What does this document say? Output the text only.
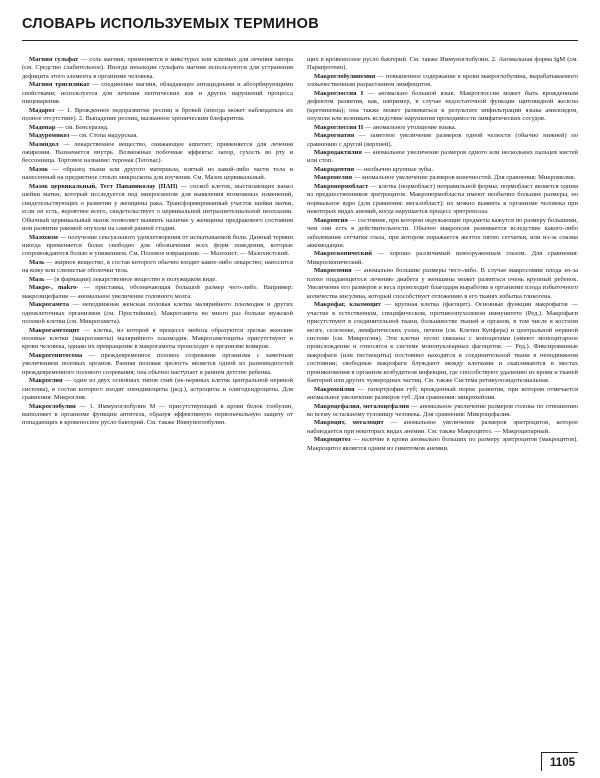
СЛОВАРЬ ИСПОЛЬЗУЕМЫХ ТЕРМИНОВ

Магния сульфат — соль магния; применяется в микстурах или клизмах для лечения запора (см. Средство слабительное). Иногда инъекции сульфата магния используются для устранения дефицита этого элемента в организме человека.

Магния трисиликат — соединение магния, обладающее антацидными и абсорбирующими свойствами; используется для лечения пептических язв и других нарушений процесса пищеварения.

Мадароз — 1. Врожденное недоразвитие ресниц и бровей (иногда может наблюдаться их полное отсутствие). 2. Выпадение ресниц, вызванное хроническим блефаритом.

Мадопар — см. Бенсеразид.

Мадуромикоз — см. Стопа мадурская.

Мазиндол — лекарственное вещество, снижающее аппетит; применяется для лечения ожирения. Назначается внутрь. Возможные побочные эффекты: запор, сухость во рту и бессонница. Торговое название: теронак (Teronac).

Мазок — образец ткани или другого материала, взятый из какой-либо части тела и нанесенный на предметное стекло микроскопа для изучения. См. Мазок цервикальный.

Мазок цервикальный, Тест Папаниколау (ПАП) — соскоб клеток, выстилающих канал шейки матки, который исследуется под микроскопом для выявления возможных изменений, свидетельствующих о развитии у женщины рака. Трансформированный участок шейки матки, если он есть, вероятнее всего, свидетельствует о цервикальной интраэпителиальной неоплазии. Обычный цервикальный мазок позволяет выявить наличие у женщины предракового состояния или развитие раковой опухоли на самой ранней стадии.

Мазохизм — получение сексуального удовлетворения от испытываемой боли. Данный термин иногда применяется более свободно для обозначения всех форм поведения, которые сопровождаются болью и унижением. См. Половое извращение. — Мазохист. — Мазохистский.

Мазь — жирное вещество, в состав которого обычно входит какое-либо лекарство; наносится на кожу или слизистые оболочки тела.

Мазь — (в фармации) лекарственное вещество в полужидком виде.

Макро-, makro- — приставка, обозначающая большой размер чего-либо. Например: макрозицефалия — аномальное увеличение головного мозга.

Макрогамета — неподвижная женская половая клетка малярийного плазмодия и других одноклеточных организмов (см. Простейшие). Макрогамета во много раз больше мужской половой клетки (см. Микрогамета).

Макрогаметоцит — клетка, из которой в процессе мейоза образуются зрелые женские половые клетки (макрогаметы) малярийного плазмодия. Макрогаметоциты присутствуют в крови человека, однако их превращение в макрогаметы происходит в организме комаров.

Макрогенитосома — преждевременное половое созревание организма с заметным увеличением половых органов. Ранняя половая зрелость является одной из разновидностей преждевременного полового созревания; она обычно наступает в раннем детстве ребенка.

Макроглия — один из двух основных типов глий (не-нервных клеток центральной нервной системы), в состав которого входят эпендимоциты (ред.), астроциты и олигодендроциты. Для сравнения: Микроглия.

Макроглобулин — 1. Иммуноглобулин М — присутствующий в крови белок глобулин, выполняет в организме функции антитела, образуя эффективную первоначальную защиту от попадающих в кровеносное русло бактерий. См. также Иммуноглобулин.

щих в кровеносное русло бактерий. См. также Иммуноглобулин. 2. Аномальная форма IgM (см. Парапротеин).

Макроглобулинемия — повышенное содержание в крови макроглобулина, вырабатываемого злокачественным разрастанием лимфоцитов.

Макроглоссия I — аномально большой язык. Макроглоссия может быть врожденным дефектом развития, как, например, в случае недостаточной функции щитовидной железы (кретинизма); она также может развиваться в результате инфильтрации языка амилоидом, опухоли или возникать вследствие нарушения проходимости лимфатических сосудов.

Макроглоссия II — аномальное утолщение языка.

Макрогнатия — заметное увеличение размеров одной челюсти (обычно нижней) по сравнению с другой (верхней).

Макродактилия — аномальное увеличение размеров одного или нескольких пальцев кистей или стоп.

Макродентия — необычно крупные зубы.

Макромелия — аномальное увеличение размеров конечностей. Для сравнения: Микромелия.

Макронормобласт — клетка (нормобласт) неправильной формы; нормобласт является одним из предшественников эритроцитов. Макронормобласты имеют необычно большие размеры, но нормальное ядро (для сравнения: мегалобласт); их можно выявить в организме человека при некоторых видах анемий, когда нарушается процесс эритропоэза.

Макропсия — состояние, при котором окружающие предметы кажутся по размеру большими, чем они есть в действительности. Обычно макропсия развивается вследствие какого-либо заболевания сетчатки глаза, при котором поражается желтое пятно сетчатки, или из-за спазма аккомодации.

Макроскопический — хорошо различимый невооруженным глазом. Для сравнения: Микроскопический.

Макросомия — аномально большие размеры чего-либо. В случае макросомии плода из-за плохо поддающегося лечению диабета у женщины может развиться очень крупный ребенок. Увеличение его размеров и веса происходит благодаря выработке в организме плода избыточного количества инсулина, который способствует отложению в его тканях избытка гликогена.

Макрофаг, клазмоцит — крупная клетка (фагоцит). Основные функции макрофагов — участие в естественном, специфическом, противоопухолевом иммунитете (Ред.). Макрофаги присутствуют в соединительной ткани, большинстве тканей и органов, в том числе в костном мозге, селезенке, лимфатических узлах, печени (см. Клетки Купфера) и центральной нервной системе (см. Микроглия). Эти клетки тесно связаны с моноцитами (имеют моноцитарное происхождение и относятся к системе мононуклеарных фагоцитов. — Ред.). Фиксированные макрофаги (или гистиоциты) постоянно находятся в соединительной ткани в неподвижном состоянии; свободные макрофаги блуждают между клетками и скапливаются в местах проникновения в организм возбудителя инфекции, где способствуют удалению из крови и тканей бактерий или других чужеродных частиц. См. также Система ретикулоэндотелиальная.

Макрохейлия — гипертрофия губ; врожденный порок развития, при котором отмечается аномальное увеличение размеров губ. Для сравнения: микрохейлия.

Макроцефалия, мегалоцефалия — аномальное увеличение размеров головы по отношению ко всему остальному туловищу человека. Для сравнения: Микроцефалия.

Макроцит, мегалоцит — аномальное увеличение размеров эритроцитов, которое наблюдается при некоторых видах анемии. См. также Макроцитоз. — Макроцитарный.

Макроцитоз — наличие в крови аномально больших по размеру эритроцитов (макроцитов). Макроцитоз является одним из симптомов анемии.

1105
